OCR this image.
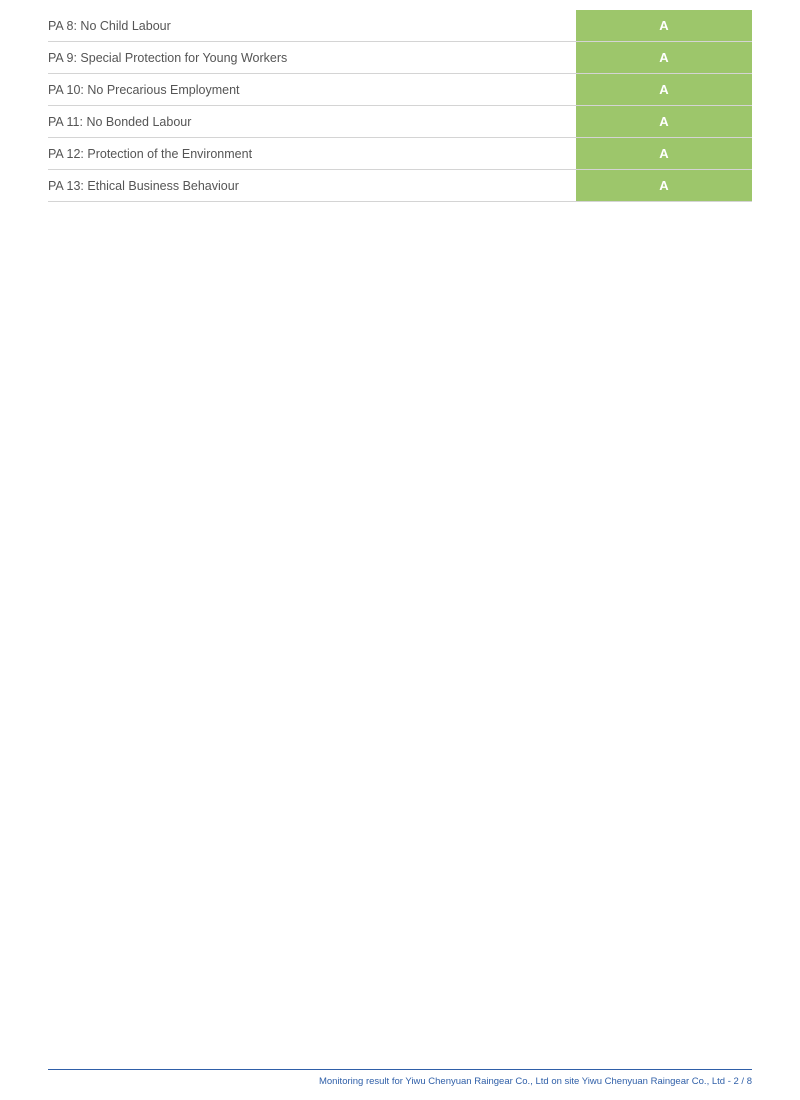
PA 8: No Child Labour	A
PA 9: Special Protection for Young Workers	A
PA 10: No Precarious Employment	A
PA 11: No Bonded Labour	A
PA 12: Protection of the Environment	A
PA 13: Ethical Business Behaviour	A
Monitoring result for Yiwu Chenyuan Raingear Co., Ltd on site Yiwu Chenyuan Raingear Co., Ltd - 2 / 8
